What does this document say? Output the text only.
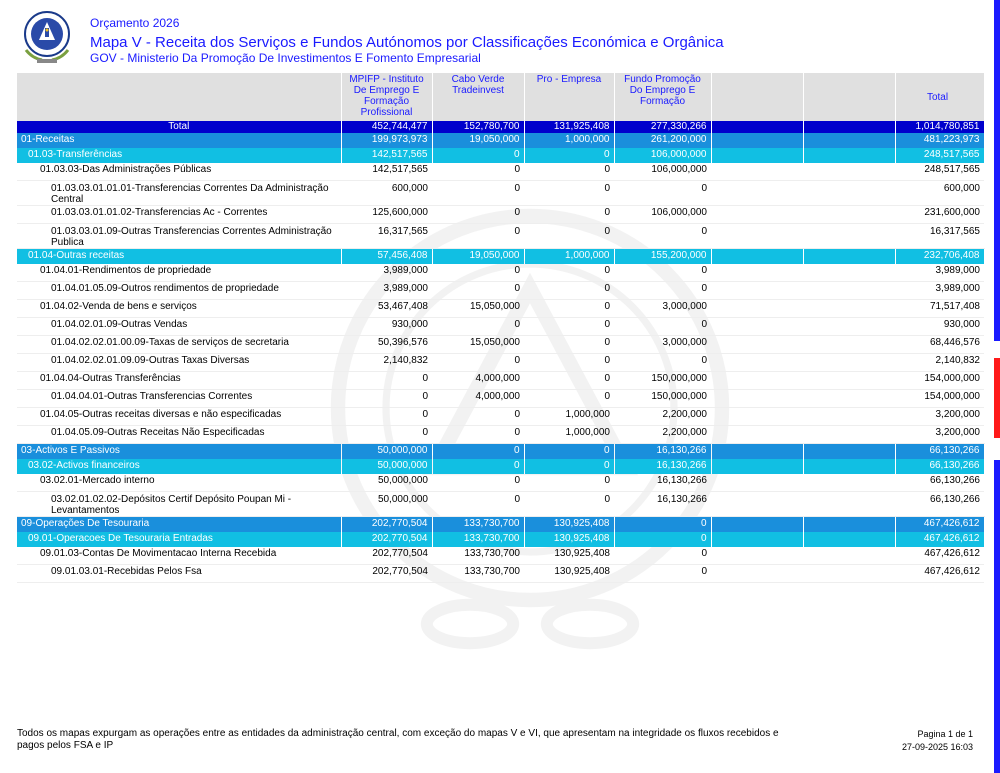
Orçamento 2026
Mapa V - Receita dos Serviços e Fundos Autónomos por Classificações Económica e Orgânica
GOV - Ministerio Da Promoção De Investimentos E Fomento Empresarial
	MPIFP - Instituto De Emprego E Formação Profissional	Cabo Verde Tradeinvest	Pro - Empresa	Fundo Promoção Do Emprego E Formação			Total
Total	452,744,477	152,780,700	131,925,408	277,330,266			1,014,780,851
01-Receitas	199,973,973	19,050,000	1,000,000	261,200,000			481,223,973
01.03-Transferências	142,517,565	0	0	106,000,000			248,517,565
01.03.03-Das Administrações Públicas	142,517,565	0	0	106,000,000			248,517,565
01.03.03.01.01.01-Transferencias Correntes Da Administração Central	600,000	0	0	0			600,000
01.03.03.01.01.02-Transferencias Ac - Correntes	125,600,000	0	0	106,000,000			231,600,000
01.03.03.01.09-Outras Transferencias Correntes Administração Publica	16,317,565	0	0	0			16,317,565
01.04-Outras receitas	57,456,408	19,050,000	1,000,000	155,200,000			232,706,408
01.04.01-Rendimentos de propriedade	3,989,000	0	0	0			3,989,000
01.04.01.05.09-Outros rendimentos de propriedade	3,989,000	0	0	0			3,989,000
01.04.02-Venda de bens e serviços	53,467,408	15,050,000	0	3,000,000			71,517,408
01.04.02.01.09-Outras Vendas	930,000	0	0	0			930,000
01.04.02.02.01.00.09-Taxas de serviços de secretaria	50,396,576	15,050,000	0	3,000,000			68,446,576
01.04.02.02.01.09.09-Outras Taxas Diversas	2,140,832	0	0	0			2,140,832
01.04.04-Outras Transferências	0	4,000,000	0	150,000,000			154,000,000
01.04.04.01-Outras Transferencias Correntes	0	4,000,000	0	150,000,000			154,000,000
01.04.05-Outras receitas diversas e não especificadas	0	0	1,000,000	2,200,000			3,200,000
01.04.05.09-Outras Receitas Não Especificadas	0	0	1,000,000	2,200,000			3,200,000
03-Activos E Passivos	50,000,000	0	0	16,130,266			66,130,266
03.02-Activos financeiros	50,000,000	0	0	16,130,266			66,130,266
03.02.01-Mercado interno	50,000,000	0	0	16,130,266			66,130,266
03.02.01.02.02-Depósitos Certif Depósito Poupan Mi - Levantamentos	50,000,000	0	0	16,130,266			66,130,266
09-Operações De Tesouraria	202,770,504	133,730,700	130,925,408	0			467,426,612
09.01-Operacoes De Tesouraria Entradas	202,770,504	133,730,700	130,925,408	0			467,426,612
09.01.03-Contas De Movimentacao Interna Recebida	202,770,504	133,730,700	130,925,408	0			467,426,612
09.01.03.01-Recebidas Pelos Fsa	202,770,504	133,730,700	130,925,408	0			467,426,612
Todos os mapas expurgam as operações entre as entidades da administração central, com exceção do mapas V e VI, que apresentam na integridade os fluxos recebidos e pagos pelos FSA e IP
Pagina 1 de 1
27-09-2025 16:03
